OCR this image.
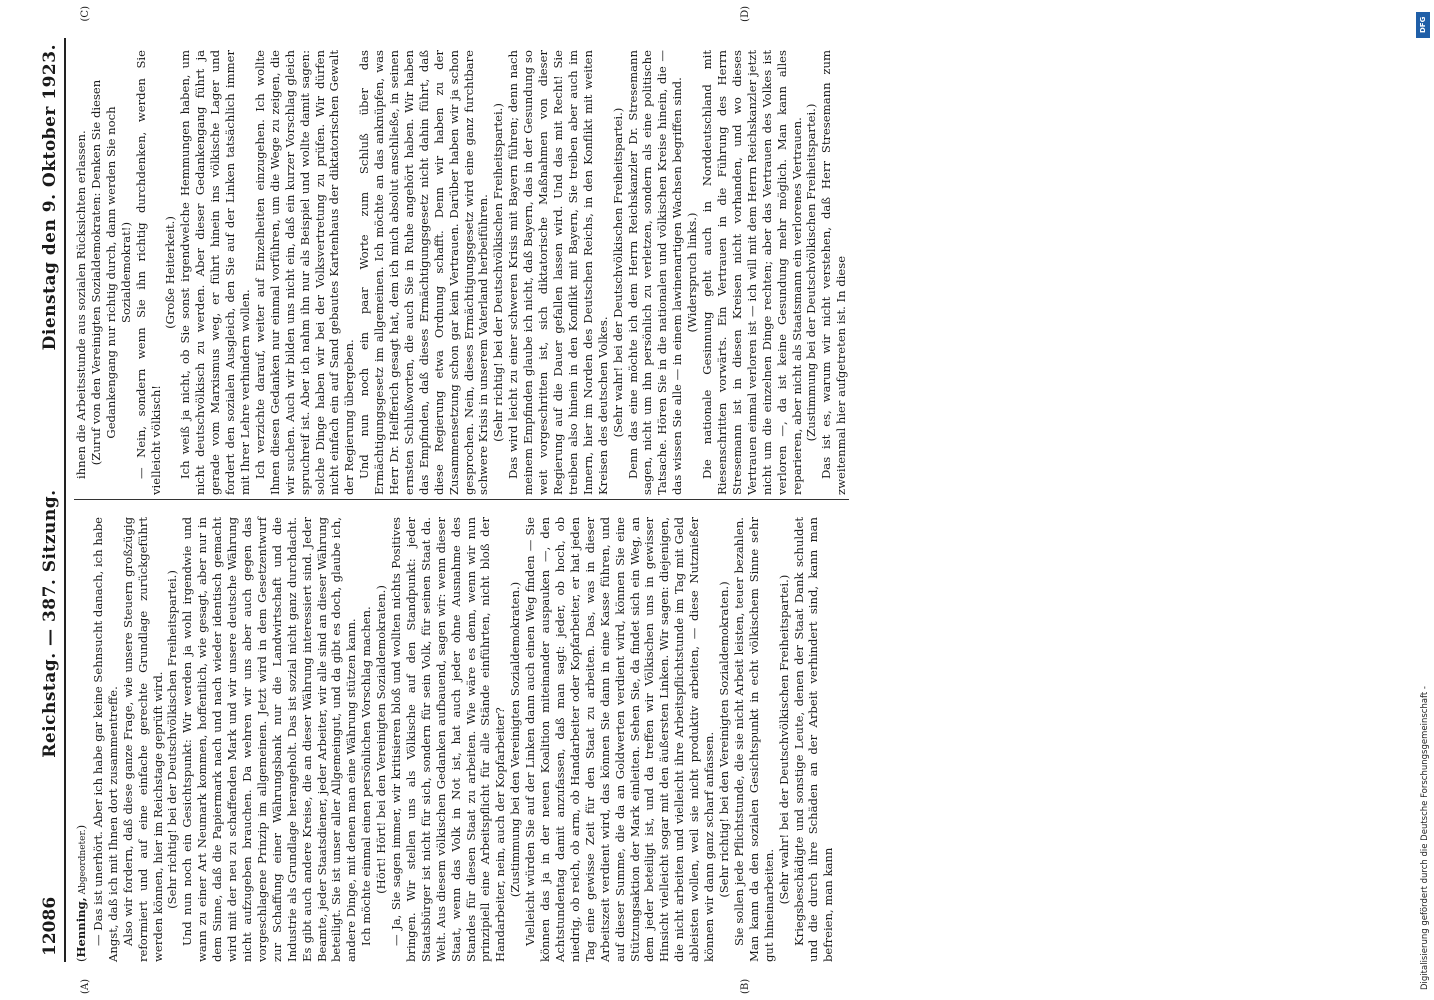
12086
Reichstag. — 387. Sitzung.
Dienstag den 9. Oktober 1923.

(Henning, Abgeordneter.) — Das ist unerhört. Aber ich habe gar keine Sehnsucht danach, ich habe Angst, daß ich mit Ihnen dort zusammentreffe. Also wir fordern, daß diese ganze Frage, wie unsere Steuern großzügig reformiert und auf eine einfache gerechte Grundlage zurückgeführt werden können, hier im Reichstage geprüft wird. (Sehr richtig! bei der Deutschvölkischen Freiheitspartei.) Und nun noch ein Gesichtspunkt: Wir werden ja wohl irgendwie und wann zu einer Art Neumark kommen, hoffentlich, wie gesagt, aber nur in dem Sinne, daß die Papiermark nach und nach wieder identisch gemacht wird mit der neu zu schaffenden Mark und wir unsere deutsche Währung nicht aufzugeben brauchen. Da wehren wir uns aber auch gegen das vorgeschlagene Prinzip im allgemeinen. Jetzt wird in dem Gesetzentwurf zur Schaffung einer Währungsbank nur die Landwirtschaft und die Industrie als Grundlage herangeholt. Das ist sozial nicht ganz durchdacht. Es gibt auch andere Kreise, die an dieser Währung interessiert sind. Jeder Beamte, jeder Staatsdiener, jeder Arbeiter, wir alle sind an dieser Währung beteiligt. Sie ist unser aller Allgemeingut, und da gibt es doch, glaube ich, andere Dinge, mit denen man eine Währung stützen kann. Ich möchte einmal einen persönlichen Vorschlag machen. (Hört! Hört! bei den Vereinigten Sozialdemokraten.) — Ja, Sie sagen immer, wir kritisieren bloß und wollten nichts Positives bringen. Wir stellen uns als Völkische auf den Standpunkt: jeder Staatsbürger ist nicht für sich, sondern für sein Volk, für seinen Staat da. Welt. Aus diesem völkischen Gedanken aufbauend, sagen wir: wenn dieser Staat, wenn das Volk in Not ist, hat auch jeder ohne Ausnahme des Standes für diesen Staat zu arbeiten. Wie wäre es denn, wenn wir nun prinzipiell eine Arbeitspflicht für alle Stände einführten, nicht bloß der Handarbeiter, nein, auch der Kopfarbeiter? (Zustimmung bei den Vereinigten Sozialdemokraten.) Vielleicht würden Sie auf der Linken dann auch einen Weg finden — Sie können das ja in der neuen Koalition miteinander auspauken —, den Achtstundentag damit anzufassen, daß man sagt: jeder, ob hoch, ob niedrig, ob reich, ob arm, ob Handarbeiter oder Kopfarbeiter, er hat jeden Tag eine gewisse Zeit für den Staat zu arbeiten. Das, was in dieser Arbeitszeit verdient wird, das können Sie dann in eine Kasse führen, und auf dieser Summe, die da an Goldwerten verdient wird, können Sie eine Stützungsaktion der Mark einleiten. Sehen Sie, da findet sich ein Weg, an dem jeder beteiligt ist, und da treffen wir Völkischen uns in gewisser Hinsicht vielleicht sogar mit den äußersten Linken. Wir sagen: diejenigen, die nicht arbeiten und vielleicht ihre Arbeitspflichtstunde im Tag mit Geld ableisten wollen, weil sie nicht produktiv arbeiten, — diese Nutznießer können wir dann ganz scharf anfassen. (Sehr richtig! bei den Vereinigten Sozialdemokraten.) Sie sollen jede Pflichtstunde, die sie nicht Arbeit leisten, teuer bezahlen. Man kann da den sozialen Gesichtspunkt in echt völkischem Sinne sehr gut hineinarbeiten.

(Sehr wahr! bei der Deutschvölkischen Freiheitspartei.) Kriegsbeschädigte und sonstige Leute, denen der Staat Dank schuldet und die durch ihre Schäden an der Arbeit verhindert sind, kann man befreien, man kann

ihnen die Arbeitsstunde aus sozialen Rücksichten erlassen. (Zuruf von den Vereinigten Sozialdemokraten: Denken Sie diesen Gedankengang nur richtig durch, dann werden Sie noch Sozialdemokrat!) — Nein, sondern wenn Sie ihn richtig durchdenken, werden Sie vielleicht völkisch!

(Große Heiterkeit.) Ich weiß ja nicht, ob Sie sonst irgendwelche Hemmungen haben, um nicht deutschvölkisch zu werden. Aber dieser Gedankengang führt ja gerade vom Marxismus weg, er führt hinein ins völkische Lager und fordert den sozialen Ausgleich, den Sie auf der Linken tatsächlich immer mit Ihrer Lehre verhindern wollen. Ich verzichte darauf, weiter auf Einzelheiten einzugehen. Ich wollte Ihnen diesen Gedanken nur einmal vorführen, um die Wege zu zeigen, die wir suchen. Auch wir bilden uns nicht ein, daß ein kurzer Vorschlag gleich spruchreif ist. Aber ich nahm ihn nur als Beispiel und wollte damit sagen: solche Dinge haben wir bei der Volksvertretung zu prüfen. Wir dürfen nicht einfach ein auf Sand gebautes Kartenhaus der diktatorischen Gewalt der Regierung übergeben. Und nun noch ein paar Worte zum Schluß über das Ermächtigungsgesetz im allgemeinen. Ich möchte an das anknüpfen, was Herr Dr. Helfferich gesagt hat, dem ich mich absolut anschließe, in seinen ernsten Schlußworten, die auch Sie in Ruhe angehört haben. Wir haben das Empfinden, daß dieses Ermächtigungsgesetz nicht dahin führt, daß diese Regierung etwa Ordnung schafft. Denn wir haben zu der Zusammensetzung schon gar kein Vertrauen. Darüber haben wir ja schon gesprochen. Nein, dieses Ermächtigungsgesetz wird eine ganz furchtbare schwere Krisis in unserem Vaterland herbeiführen. (Sehr richtig! bei der Deutschvölkischen Freiheitspartei.) Das wird leicht zu einer schweren Krisis mit Bayern führen; denn nach meinem Empfinden glaube ich nicht, daß Bayern, das in der Gesundung so weit vorgeschritten ist, sich diktatorische Maßnahmen von dieser Regierung auf die Dauer gefallen lassen wird. Und das mit Recht! Sie treiben also hinein in den Konflikt mit Bayern, Sie treiben aber auch im Innern, hier im Norden des Deutschen Reichs, in den Konflikt mit weiten Kreisen des deutschen Volkes. (Sehr wahr! bei der Deutschvölkischen Freiheitspartei.) Denn das eine möchte ich dem Herrn Reichskanzler Dr. Stresemann sagen, nicht um ihn persönlich zu verletzen, sondern als eine politische Tatsache. Hören Sie in die nationalen und völkischen Kreise hinein, die — das wissen Sie alle — in einem lawinenartigen Wachsen begriffen sind. (Widerspruch links.) Die nationale Gesinnung geht auch in Norddeutschland mit Riesenschritten vorwärts. Ein Vertrauen in die Führung des Herrn Stresemann ist in diesen Kreisen nicht vorhanden, und wo dieses Vertrauen einmal verloren ist — ich will mit dem Herrn Reichskanzler jetzt nicht um die einzelnen Dinge rechten; aber das Vertrauen des Volkes ist verloren —, da ist keine Gesundung mehr möglich. Man kann alles reparieren, aber nicht als Staatsmann ein verlorenes Vertrauen. (Zustimmung bei der Deutschvölkischen Freiheitspartei.) Das ist es, warum wir nicht verstehen, daß Herr Stresemann zum zweitenmal hier aufgetreten ist. In diese

(A)	(B)
(C)	(D)
DFG
Digitalisierung gefördert durch die Deutsche Forschungsgemeinschaft -
